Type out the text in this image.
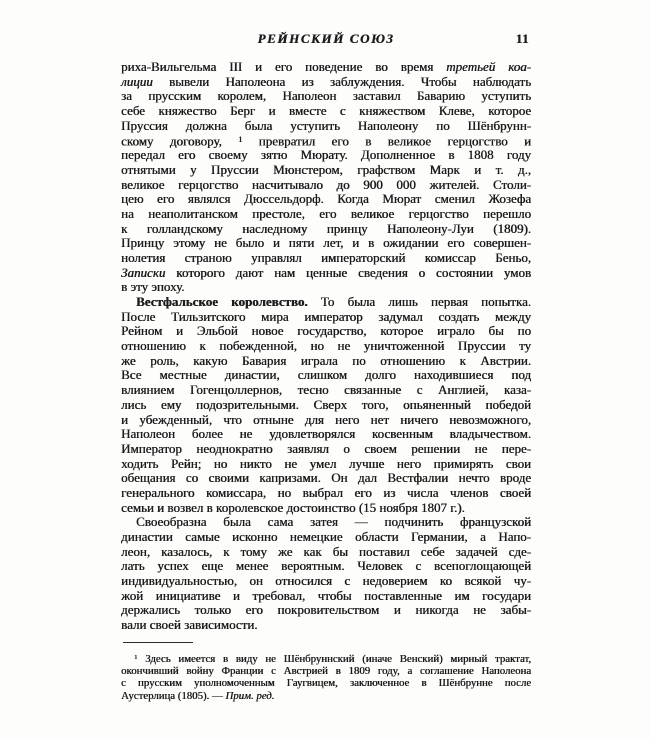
РЕЙНСКИЙ СОЮЗ	11
риха-Вильгельма III и его поведение во время третьей коа-
лиции вывели Наполеона из заблуждения. Чтобы наблюдать
за прусским королем, Наполеон заставил Баварию уступить
себе княжество Берг и вместе с княжеством Клеве, которое
Пруссия должна была уступить Наполеону по Шёнбрунн-
скому договору, $^1$ превратил его в великое герцогство и
передал его своему зятю Мюрату. Дополненное в 1808 году
отнятыми у Пруссии Мюнстером, графством Марк и т. д.,
великое герцогство насчитывало до 900 000 жителей. Столи-
цею его являлся Дюссельдорф. Когда Мюрат сменил Жозефа
на неаполитанском престоле, его великое герцогство перешло
к голландскому наследному принцу Наполеону-Луи (1809).
Принцу этому не было и пяти лет, и в ожидании его совершен-
нолетия страною управлял императорский комиссар Беньо,
Записки которого дают нам ценные сведения о состоянии умов
в эту эпоху.
Вестфальское королевство. То была лишь первая попытка.
После Тильзитского мира император задумал создать между
Рейном и Эльбой новое государство, которое играло бы по
отношению к побежденной, но не уничтоженной Пруссии ту
же роль, какую Бавария играла по отношению к Австрии.
Все местные династии, слишком долго находившиеся под
влиянием Гогенцоллернов, тесно связанные с Англией, каза-
лись ему подозрительными. Сверх того, опьяненный победой
и убежденный, что отныне для него нет ничего невозможного,
Наполеон более не удовлетворялся косвенным владычеством.
Император неоднократно заявлял о своем решении не пере-
ходить Рейн; но никто не умел лучше него примирять свои
обещания со своими капризами. Он дал Вестфалии нечто вроде
генерального комиссара, но выбрал его из числа членов своей
семьи и возвел в королевское достоинство (15 ноября 1807 г.).
Своеобразна была сама затея — подчинить французской
династии самые исконно немецкие области Германии, а Напо-
леон, казалось, к тому же как бы поставил себе задачей сде-
лать успех еще менее вероятным. Человек с всепоглощающей
индивидуальностью, он относился с недоверием ко всякой чу-
жой инициативе и требовал, чтобы поставленные им государи
держались только его покровительством и никогда не забы-
вали своей зависимости.
$^1$ Здесь имеется в виду не Шёнбруннский (иначе Венский) мирный трактат,
окончивший войну Франции с Австрией в 1809 году, а соглашение Наполеона
с прусским уполномоченным Гаугвицем, заключенное в Шёнбрунне после
Аустерлица (1805). — Прим. ред.
